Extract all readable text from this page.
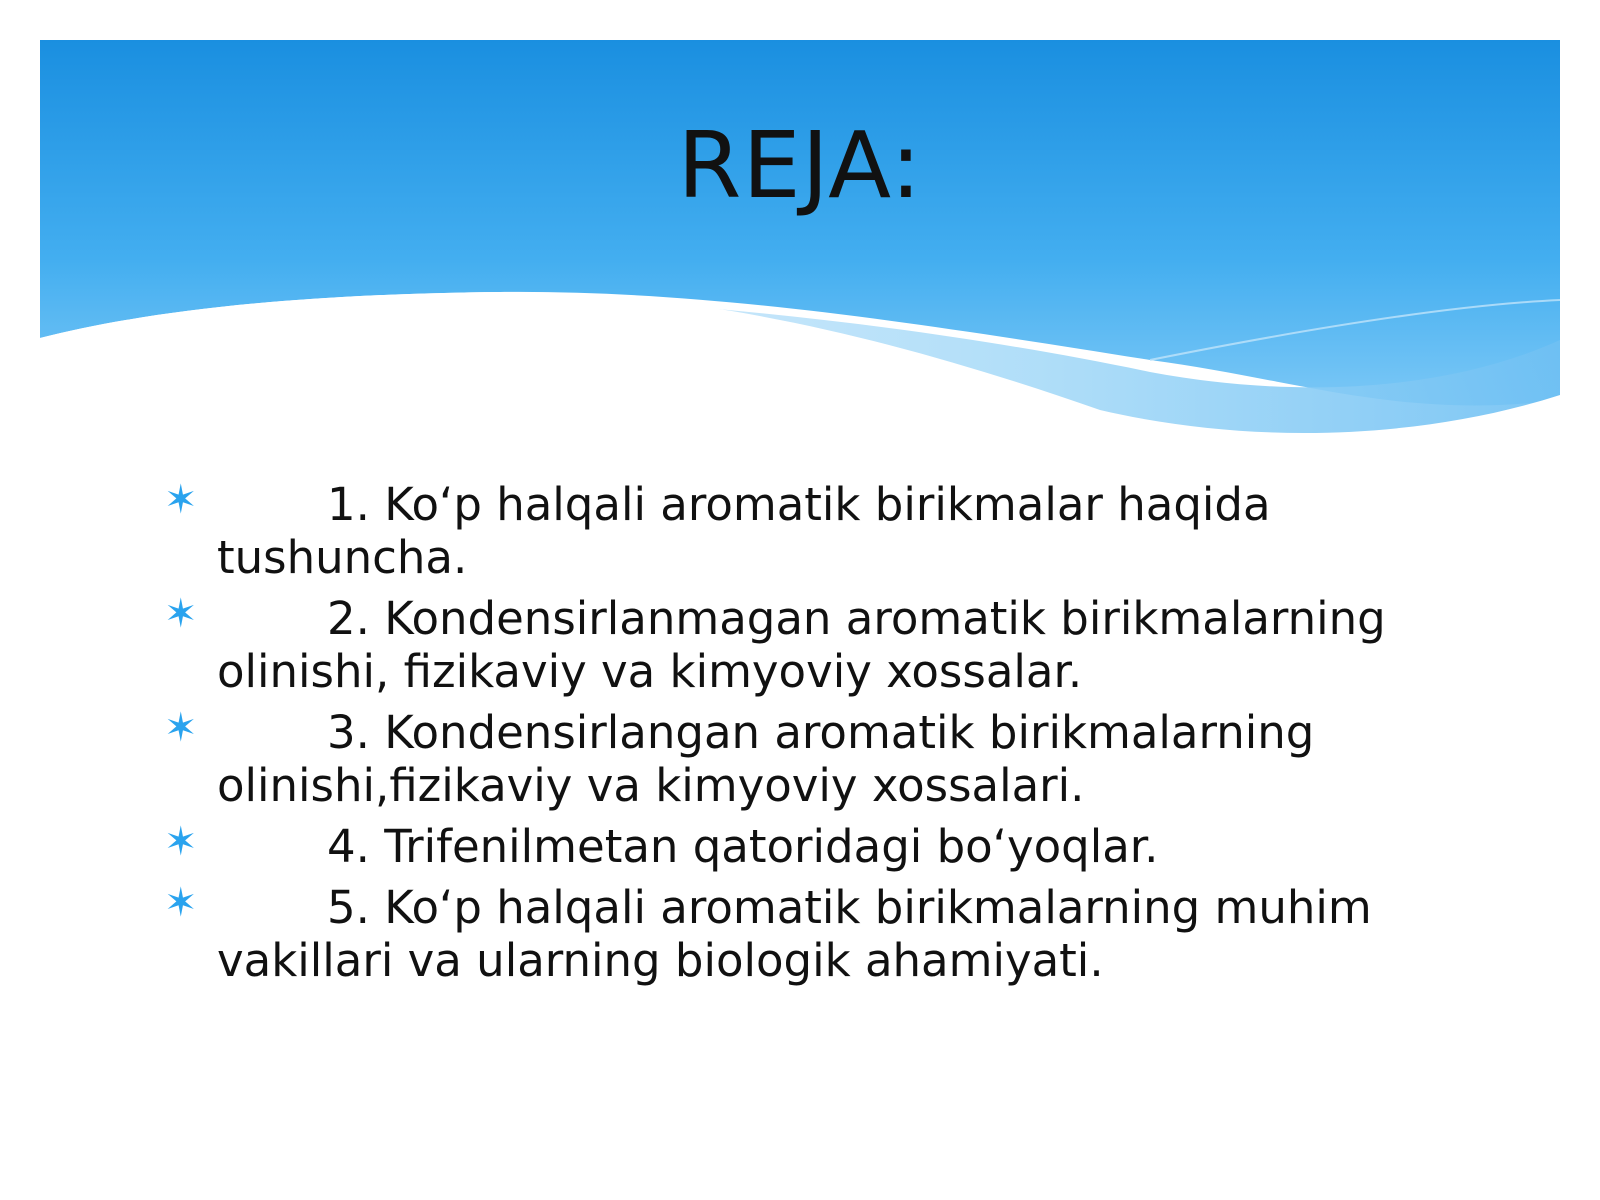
REJA:
✶	1. Ko‘p halqali aromatik birikmalar haqida tushuncha.
✶	2. Kondensirlanmagan aromatik birikmalarning olinishi, fizikaviy va kimyoviy xossalar.
✶	3. Kondensirlangan aromatik birikmalarning olinishi,fizikaviy va kimyoviy xossalari.
✶	4. Trifenilmetan qatoridagi bo‘yoqlar.
✶	5. Ko‘p halqali aromatik birikmalarning muhim vakillari va ularning biologik ahamiyati.
